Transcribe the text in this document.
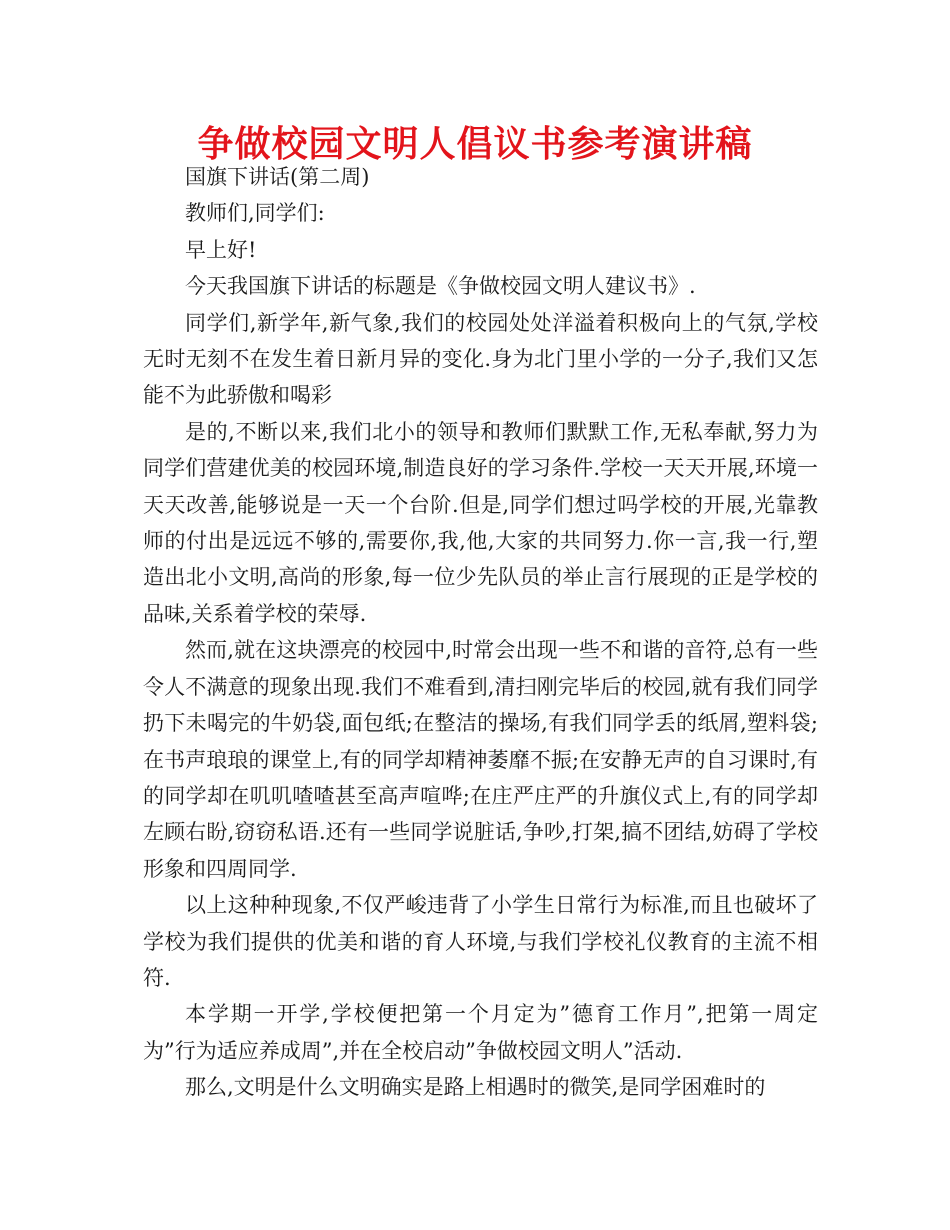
争做校园文明人倡议书参考演讲稿

国旗下讲话(第二周)

教师们,同学们:

早上好!

今天我国旗下讲话的标题是《争做校园文明人建议书》.

同学们,新学年,新气象,我们的校园处处洋溢着积极向上的气氛,学校无时无刻不在发生着日新月异的变化.身为北门里小学的一分子,我们又怎能不为此骄傲和喝彩

是的,不断以来,我们北小的领导和教师们默默工作,无私奉献,努力为同学们营建优美的校园环境,制造良好的学习条件.学校一天天开展,环境一天天改善,能够说是一天一个台阶.但是,同学们想过吗学校的开展,光靠教师的付出是远远不够的,需要你,我,他,大家的共同努力.你一言,我一行,塑造出北小文明,高尚的形象,每一位少先队员的举止言行展现的正是学校的品味,关系着学校的荣辱.

然而,就在这块漂亮的校园中,时常会出现一些不和谐的音符,总有一些令人不满意的现象出现.我们不难看到,清扫刚完毕后的校园,就有我们同学扔下未喝完的牛奶袋,面包纸;在整洁的操场,有我们同学丢的纸屑,塑料袋;在书声琅琅的课堂上,有的同学却精神萎靡不振;在安静无声的自习课时,有的同学却在叽叽喳喳甚至高声喧哗;在庄严庄严的升旗仪式上,有的同学却左顾右盼,窃窃私语.还有一些同学说脏话,争吵,打架,搞不团结,妨碍了学校形象和四周同学.

以上这种种现象,不仅严峻违背了小学生日常行为标准,而且也破坏了学校为我们提供的优美和谐的育人环境,与我们学校礼仪教育的主流不相符.

本学期一开学,学校便把第一个月定为”德育工作月”,把第一周定为”行为适应养成周”,并在全校启动”争做校园文明人”活动.

那么,文明是什么文明确实是路上相遇时的微笑,是同学困难时的
